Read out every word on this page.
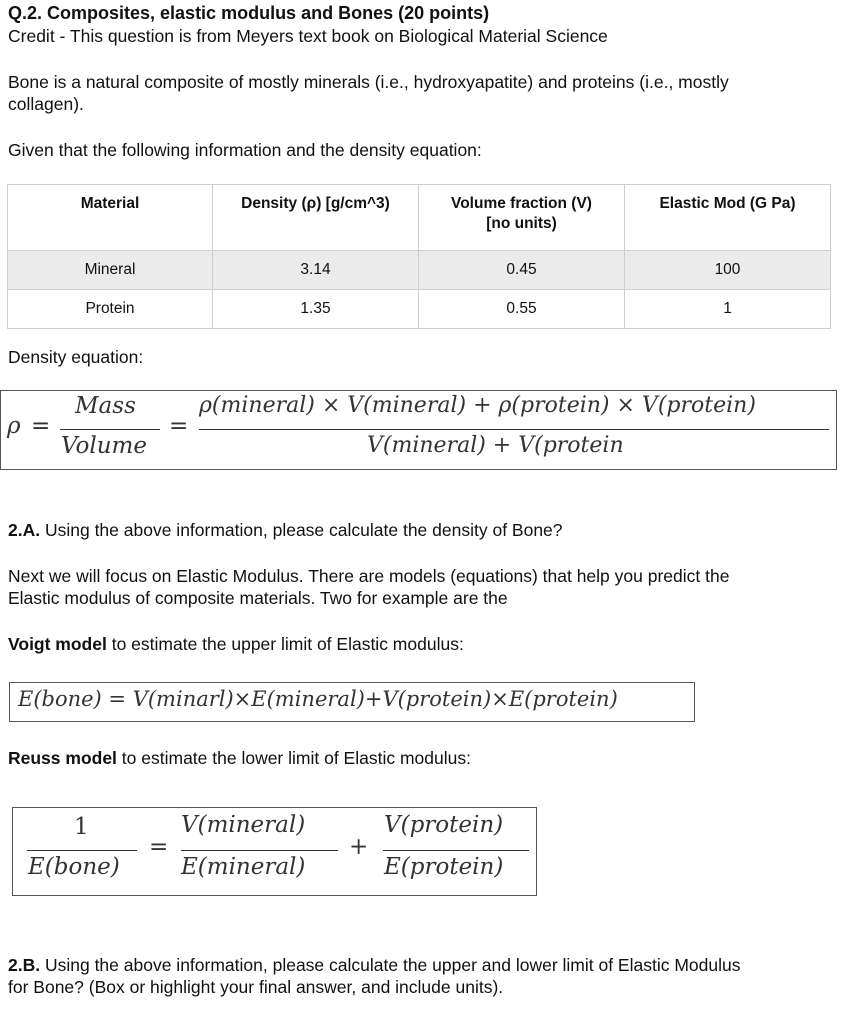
Q.2. Composites, elastic modulus and Bones (20 points)
Credit - This question is from Meyers text book on Biological Material Science
Bone is a natural composite of mostly minerals (i.e., hydroxyapatite) and proteins (i.e., mostly
collagen).
Given that the following information and the density equation:
Material	Density (ρ) [g/cm^3)	Volume fraction (V)
[no units)	Elastic Mod (G Pa)
Mineral	3.14	0.45	100
Protein	1.35	0.55	1
Density equation:
ρ =
Mass
Volume
=
ρ(mineral) × V(mineral) + ρ(protein) × V(protein)
V(mineral) + V(protein
2.A. Using the above information, please calculate the density of Bone?
Next we will focus on Elastic Modulus. There are models (equations) that help you predict the
Elastic modulus of composite materials. Two for example are the
Voigt model to estimate the upper limit of Elastic modulus:
E(bone) = V(minarl)×E(mineral)+V(protein)×E(protein)
Reuss model to estimate the lower limit of Elastic modulus:
1
E(bone)
=
V(mineral)
E(mineral)
+
V(protein)
E(protein)
2.B. Using the above information, please calculate the upper and lower limit of Elastic Modulus
for Bone? (Box or highlight your final answer, and include units).
